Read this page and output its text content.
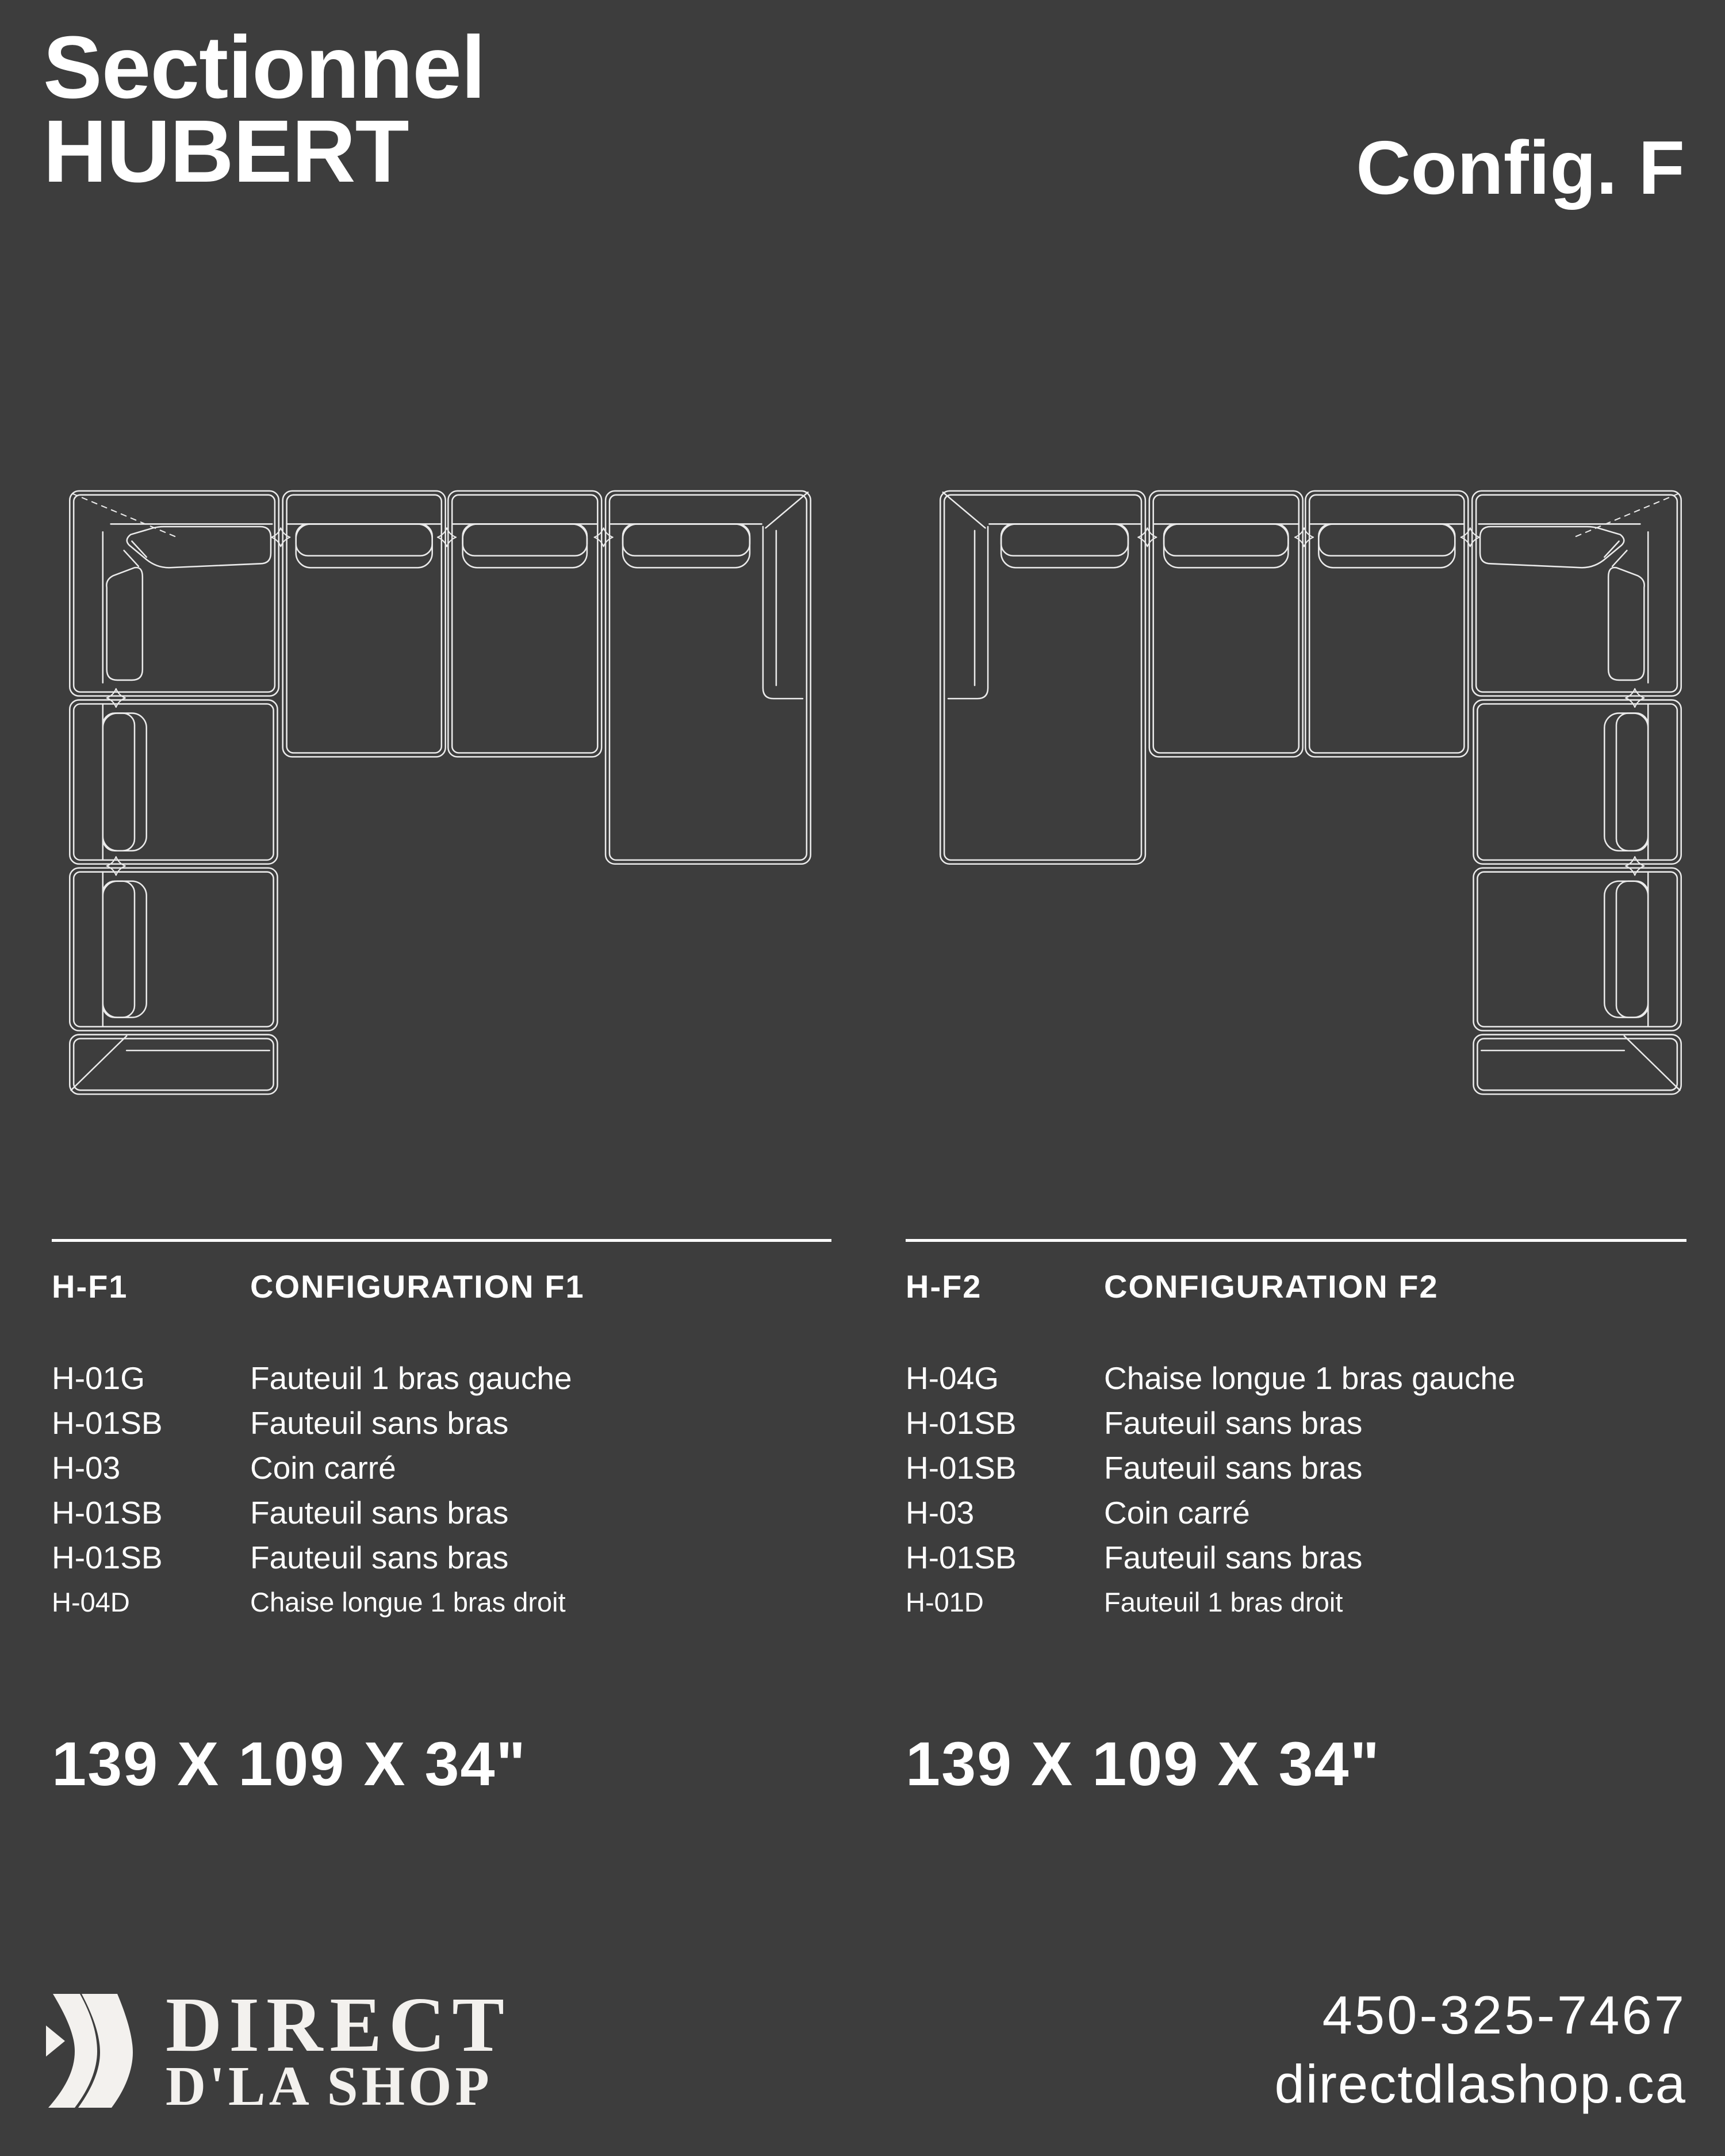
Sectionnel
HUBERT	Config. F
H-F1	CONFIGURATION F1
H-01G	Fauteuil 1 bras gauche
H-01SB	Fauteuil sans bras
H-03	Coin carré
H-01SB	Fauteuil sans bras
H-01SB	Fauteuil sans bras
H-04D	Chaise longue 1 bras droit
H-F2	CONFIGURATION F2
H-04G	Chaise longue 1 bras gauche
H-01SB	Fauteuil sans bras
H-01SB	Fauteuil sans bras
H-03	Coin carré
H-01SB	Fauteuil sans bras
H-01D	Fauteuil 1 bras droit
139 X 109 X 34"	139 X 109 X 34"
DIRECT
D'LA SHOP
450-325-7467
directdlashop.ca
